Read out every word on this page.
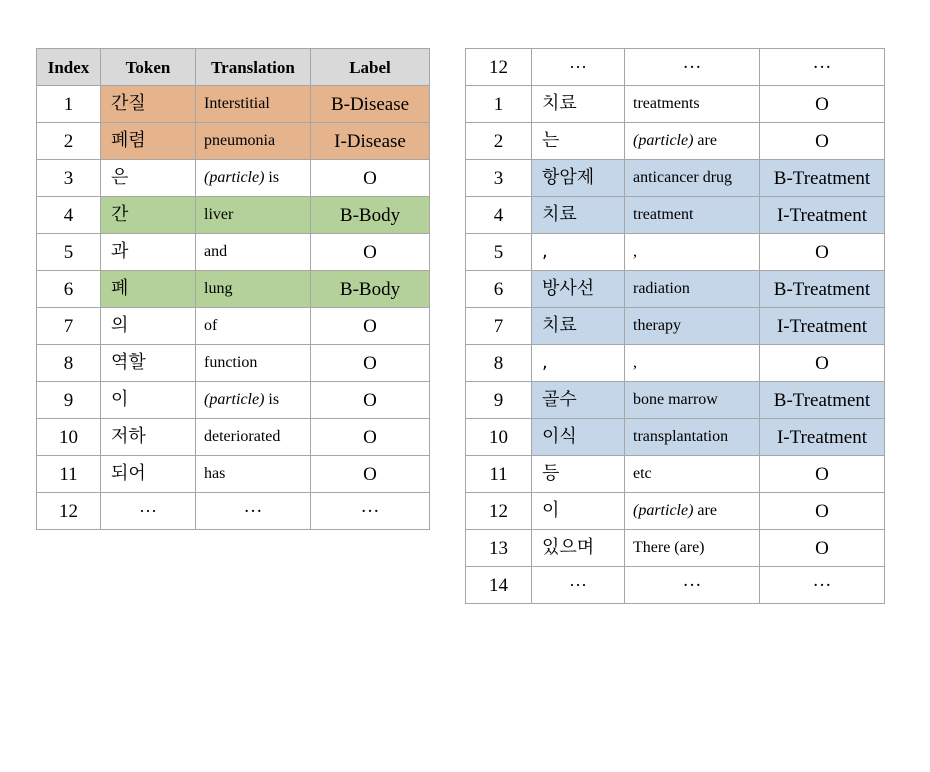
Index	Token	Translation	Label
1	간질	Interstitial	B-Disease
2	폐렴	pneumonia	I-Disease
3	은	(particle) is	O
4	간	liver	B-Body
5	과	and	O
6	폐	lung	B-Body
7	의	of	O
8	역할	function	O
9	이	(particle) is	O
10	저하	deteriorated	O
11	되어	has	O
12	···	···	···
12	···	···	···
1	치료	treatments	O
2	는	(particle) are	O
3	항암제	anticancer drug	B-Treatment
4	치료	treatment	I-Treatment
5	,	,	O
6	방사선	radiation	B-Treatment
7	치료	therapy	I-Treatment
8	,	,	O
9	골수	bone marrow	B-Treatment
10	이식	transplantation	I-Treatment
11	등	etc	O
12	이	(particle) are	O
13	있으며	There (are)	O
14	···	···	···
